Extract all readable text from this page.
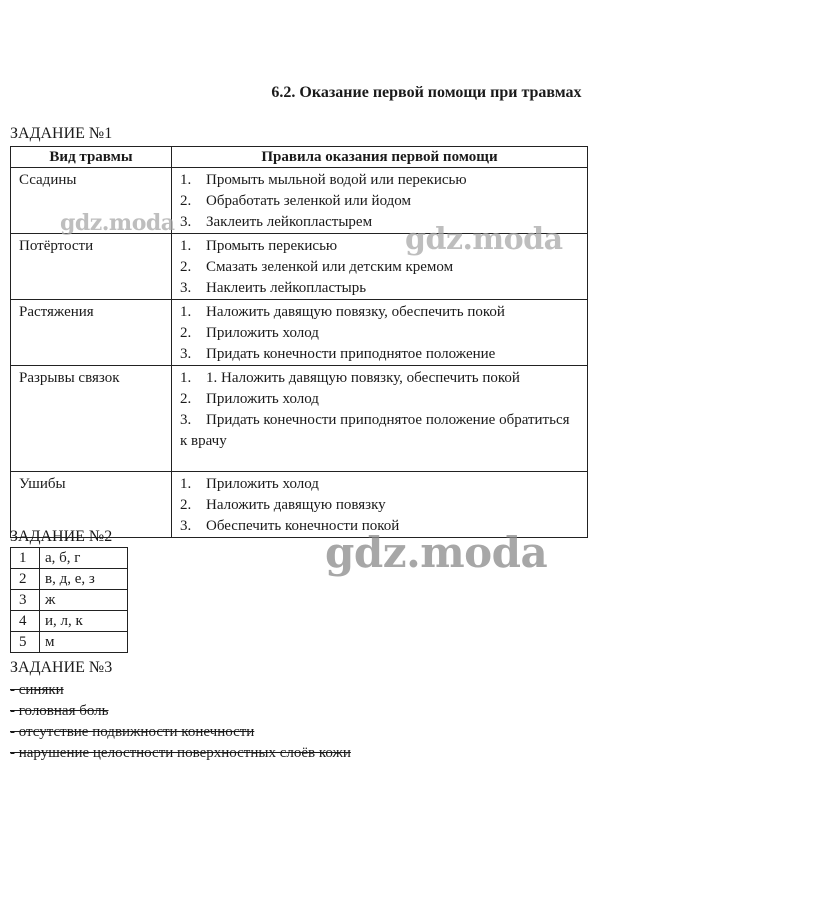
6.2. Оказание первой помощи при травмах
ЗАДАНИЕ №1
Вид травмы	Правила оказания первой помощи
Ссадины	1. Промыть мыльной водой или перекисью
2. Обработать зеленкой или йодом
3. Заклеить лейкопластырем

Потёртости	1. Промыть перекисью
2. Смазать зеленкой или детским кремом
3. Наклеить лейкопластырь

Растяжения	1. Наложить давящую повязку, обеспечить покой
2. Приложить холод
3. Придать конечности приподнятое положение

Разрывы связок	1. 1. Наложить давящую повязку, обеспечить покой
2. Приложить холод
3. Придать конечности приподнятое положение обратиться к врачу

Ушибы	1. Приложить холод
2. Наложить давящую повязку
3. Обеспечить конечности покой
ЗАДАНИЕ №2
1	а, б, г
2	в, д, е, з
3	ж
4	и, л, к
5	м
ЗАДАНИЕ №3
- синяки
- головная боль
- отсутствие подвижности конечности
- нарушение целостности поверхностных слоёв кожи
gdz.moda	gdz.moda
gdz.moda
